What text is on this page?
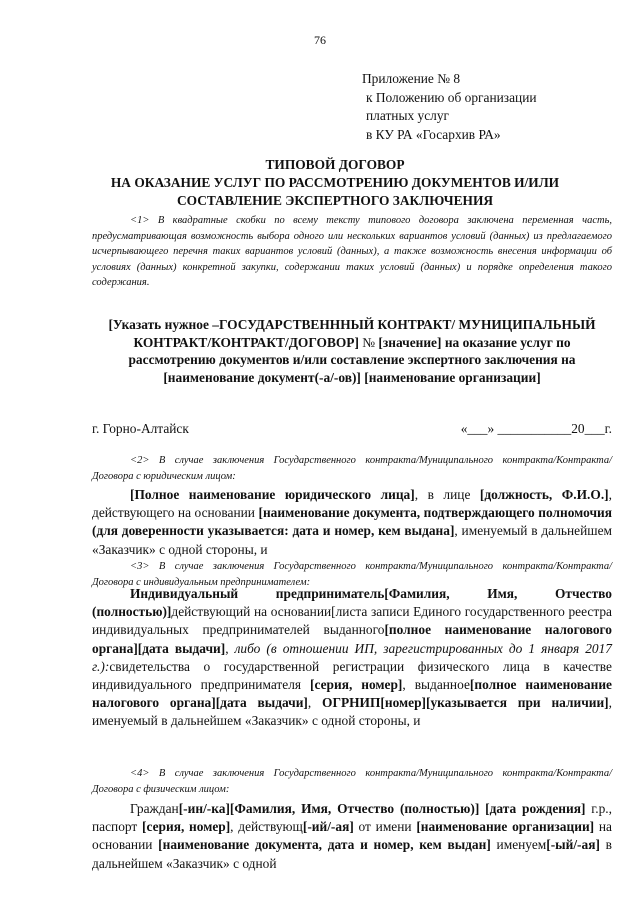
76
Приложение № 8
к Положению об организации
платных услуг
в КУ РА «Госархив РА»
ТИПОВОЙ ДОГОВОР
НА ОКАЗАНИЕ УСЛУГ ПО РАССМОТРЕНИЮ ДОКУМЕНТОВ И/ИЛИ
СОСТАВЛЕНИЕ ЭКСПЕРТНОГО ЗАКЛЮЧЕНИЯ
<1> В квадратные скобки по всему тексту типового договора заключена переменная часть, предусматривающая возможность выбора одного или нескольких вариантов условий (данных) из предлагаемого исчерпывающего перечня таких вариантов условий (данных), а также возможность внесения информации об условиях (данных) конкретной закупки, содержании таких условий (данных) и порядке определения такого содержания.
[Указать нужное –ГОСУДАРСТВЕНННЫЙ КОНТРАКТ/ МУНИЦИПАЛЬНЫЙ КОНТРАКТ/КОНТРАКТ/ДОГОВОР] № [значение] на оказание услуг по рассмотрению документов и/или составление экспертного заключения на [наименование документ(-а/-ов)] [наименование организации]
г. Горно-Алтайск	«___» ___________20___г.
<2> В случае заключения Государственного контракта/Муниципального контракта/Контракта/Договора с юридическим лицом:
[Полное наименование юридического лица], в лице [должность, Ф.И.О.], действующего на основании [наименование документа, подтверждающего полномочия (для доверенности указывается: дата и номер, кем выдана], именуемый в дальнейшем «Заказчик» с одной стороны, и
<3> В случае заключения Государственного контракта/Муниципального контракта/Контракта/Договора с индивидуальным предпринимателем:
Индивидуальный предприниматель[Фамилия, Имя, Отчество (полностью)]действующий на основании[листа записи Единого государственного реестра индивидуальных предпринимателей выданного[полное наименование налогового органа][дата выдачи], либо (в отношении ИП, зарегистрированных до 1 января 2017 г.):свидетельства о государственной регистрации физического лица в качестве индивидуального предпринимателя [серия, номер], выданное[полное наименование налогового органа][дата выдачи], ОГРНИП[номер][указывается при наличии], именуемый в дальнейшем «Заказчик» с одной стороны, и
<4> В случае заключения Государственного контракта/Муниципального контракта/Контракта/Договора с физическим лицом:
Граждан[-ин/-ка][Фамилия, Имя, Отчество (полностью)] [дата рождения] г.р., паспорт [серия, номер], действующ[-ий/-ая] от имени [наименование организации] на основании [наименование документа, дата и номер, кем выдан] именуем[-ый/-ая] в дальнейшем «Заказчик» с одной
